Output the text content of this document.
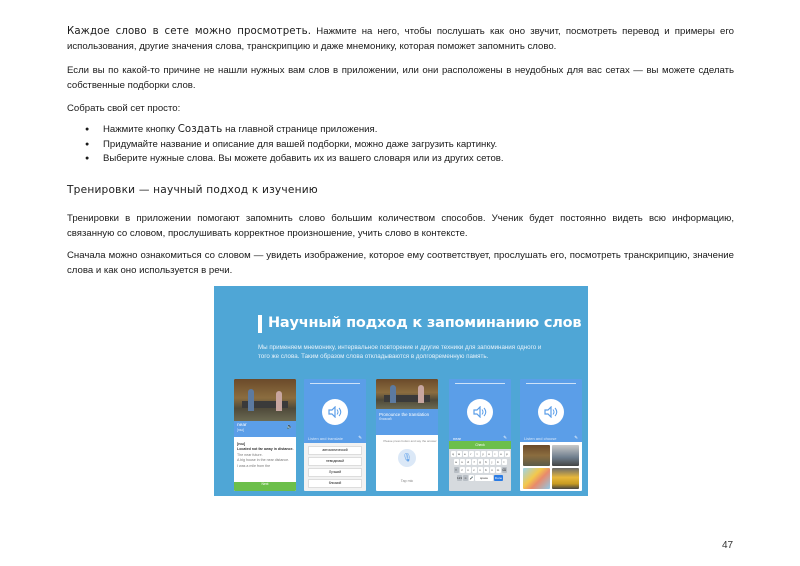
Каждое слово в сете можно просмотреть. Нажмите на него, чтобы послушать как оно звучит, посмотреть перевод и примеры его использования, другие значения слова, транскрипцию и даже мнемонику, которая поможет запомнить слово.

Если вы по какой-то причине не нашли нужных вам слов в приложении, или они расположены в неудобных для вас сетах — вы можете сделать собственные подборки слов.

Собрать свой сет просто:

● Нажмите кнопку Создать на главной странице приложения.
● Придумайте название и описание для вашей подборки, можно даже загрузить картинку.
● Выберите нужные слова. Вы можете добавить их из вашего словаря или из других сетов.
Тренировки — научный подход к изучению

Тренировки в приложении помогают запомнить слово большим количеством способов. Ученик будет постоянно видеть всю информацию, связанную со словом, прослушивать корректное произношение, учить слово в контексте.

Сначала можно ознакомиться со словом — увидеть изображение, которое ему соответствует, прослушать его, посмотреть транскрипцию, значение слова и как оно используется в речи.

Научный подход к запоминанию слов
Мы применяем мнемонику, интервальное повторение и другие техники для запоминания одного и того же слова. Таким образом слова откладываются в долговременную память.
near
[nɪə]	🔈
[nɪə]
Located not far away in distance.
The near future.
A big house in the near distance.
I was a mile from the
Next
Listen and translate	✎
автоматический
невидимый
Лучший
близкий
Pronounce the translation
близкий
Please press button and say the answer
🎙
Tap mic
near	✎
Check
q	w	e	r	t	y	u	i	o	p
a	s	d	f	g	h	j	k	l
⇧	z	x	c	v	b	n	m ⌫
123 ☺ 🎤	space	Done
Listen and choose	✎
47
